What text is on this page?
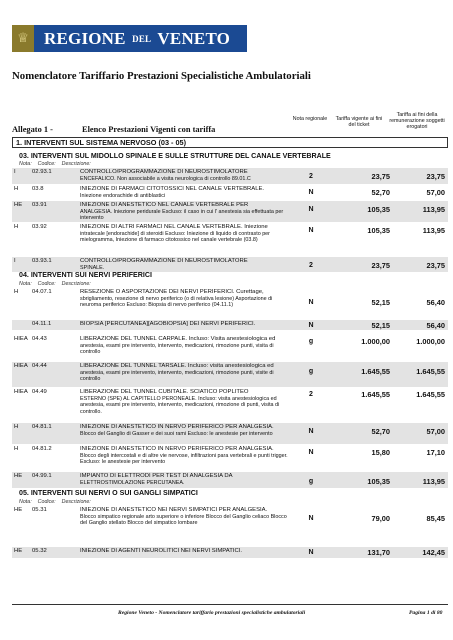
♕ REGIONE DEL VENETO
Nomenclatore Tariffario Prestazioni Specialistiche Ambulatoriali
Allegato 1 -	Elenco Prestazioni Vigenti con tariffa
Nota regionale	Tariffa vigente ai fini del ticket
Tariffa ai fini della remunerazione soggetti erogatori
1. INTERVENTI SUL SISTEMA NERVOSO (03 - 05)
03. INTERVENTI SUL MIDOLLO SPINALE E SULLE STRUTTURE DEL CANALE VERTEBRALE
Nota: Codice: Descrizione:
I	02.93.1	CONTROLLO/PROGRAMMAZIONE DI NEUROSTIMOLATORE
ENCEFALICO. Non associabile a visita neurologica di controllo 89.01.C	2	23,75	23,75
H 03.8	INIEZIONE DI FARMACI CITOTOSSICI NEL CANALE VERTEBRALE.
Iniezione endorachide di antiblastici	N	52,70	57,00
HE 03.91	INIEZIONE DI ANESTETICO NEL CANALE VERTEBRALE PER
ANALGESIA. Iniezione peridurale Escluso: il caso in cui l' anestesia sia effettuata per intervento
N	105,35	113,95
H 03.92	INIEZIONE DI ALTRI FARMACI NEL CANALE VERTEBRALE. Iniezione
intratecale [endorachide] di steroidi Escluso: Iniezione di liquido di contrasto per mielogramma, Iniezione di farmaco citotossico nel canale vertebrale (03.8)
N	105,35	113,95
I	03.93.1	CONTROLLO/PROGRAMMAZIONE DI NEUROSTIMOLATORE
SPINALE.	2	23,75	23,75
04. INTERVENTI SUI NERVI PERIFERICI
Nota: Codice: Descrizione:
H 04.07.1	RESEZIONE O ASPORTAZIONE DEI NERVI PERIFERICI. Curettage,
sbrigliamento, resezione di nervo periferico (o di relativa lesione) Asportazione di neuroma periferico Escluso: Biopsia di nervo periferico (04.11.1)	N	52,15	56,40
04.11.1	BIOPSIA [PERCUTANEA][AGOBIOPSIA] DEI NERVI PERIFERICI.	N	52,15	56,40
HIEA 04.43	LIBERAZIONE DEL TUNNEL CARPALE. Incluso: Visita anestesiologica ed
anestesia, esami pre intervento, intervento, medicazioni, rimozione punti, visita di controllo
g	1.000,00	1.000,00
HIEA 04.44	LIBERAZIONE DEL TUNNEL TARSALE. Incluso: visita anestesiologica ed
anestesia, esami pre intervento, intervento, medicazioni, rimozione punti, visite di controllo
g	1.645,55	1.645,55
HIEA 04.49	LIBERAZIONE DEL TUNNEL CUBITALE. SCIATICO POPLITEO
ESTERNO (SPE) AL CAPITELLO PERONEALE. Incluso: visita anestesiologica ed anestesia, esami pre intervento, intervento, medicazioni, rimozione di punti, visita di controllo.
2	1.645,55	1.645,55
H 04.81.1	INIEZIONE DI ANESTETICO IN NERVO PERIFERICO PER ANALGESIA.
Blocco del Ganglio di Gasser e dei suoi rami Escluso: le anestesie per intervento	N	52,70	57,00
H 04.81.2	INIEZIONE DI ANESTETICO IN NERVO PERIFERICO PER ANALGESIA.
Blocco degli intercostali e di altre vie nervose, infiltrazioni para vertebrali e punti trigger. Escluso: le anestesie per intervento
N	15,80	17,10
HE 04.99.1	IMPIANTO DI ELETTRODI PER TEST DI ANALGESIA DA
ELETTROSTIMOLAZIONE PERCUTANEA.	g	105,35	113,95
05. INTERVENTI SUI NERVI O SUI GANGLI SIMPATICI
Nota: Codice: Descrizione:
HE 05.31	INIEZIONE DI ANESTETICO NEI NERVI SIMPATICI PER ANALGESIA.
Blocco simpatico regionale arto superiore o inferiore Blocco del Ganglio celiaco Blocco del Ganglio stellato Blocco del simpatico lombare
N	79,00	85,45
HE 05.32	INIEZIONE DI AGENTI NEUROLITICI NEI NERVI SIMPATICI.	N	131,70	142,45
Regione Veneto - Nomenclatore tariffario prestazioni specialistiche ambulatoriali	Pagina 1 di 80
